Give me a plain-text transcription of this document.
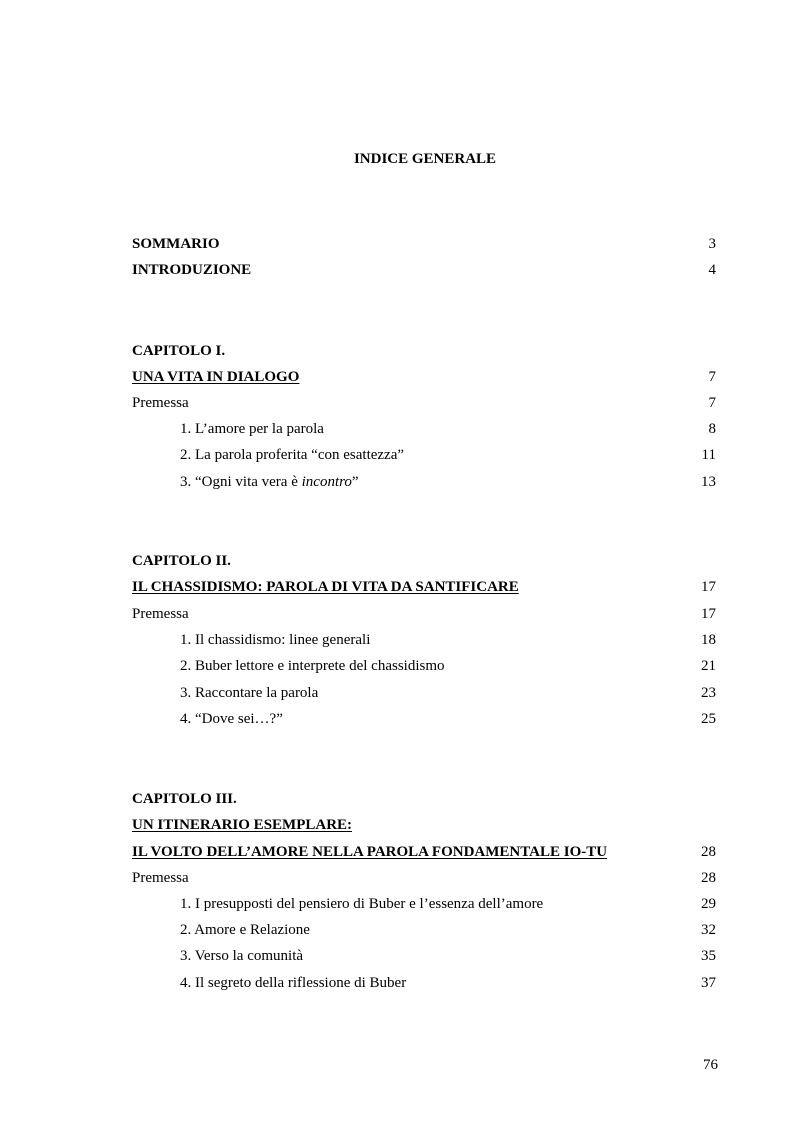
INDICE GENERALE
SOMMARIO	3
INTRODUZIONE	4
CAPITOLO I.
UNA VITA IN DIALOGO	7
Premessa	7
1. L’amore per la parola	8
2. La parola proferita “con esattezza”	11
3. “Ogni vita vera è incontro”	13
CAPITOLO II.
IL CHASSIDISMO: PAROLA DI VITA DA SANTIFICARE	17
Premessa	17
1. Il chassidismo: linee generali	18
2. Buber lettore e interprete del chassidismo	21
3. Raccontare la parola	23
4. “Dove sei…?”	25
CAPITOLO III.
UN ITINERARIO ESEMPLARE:
IL VOLTO DELL’AMORE NELLA PAROLA FONDAMENTALE IO-TU	28
Premessa	28
1. I presupposti del pensiero di Buber e l’essenza dell’amore	29
2. Amore e Relazione	32
3. Verso la comunità	35
4. Il segreto della riflessione di Buber	37
76
